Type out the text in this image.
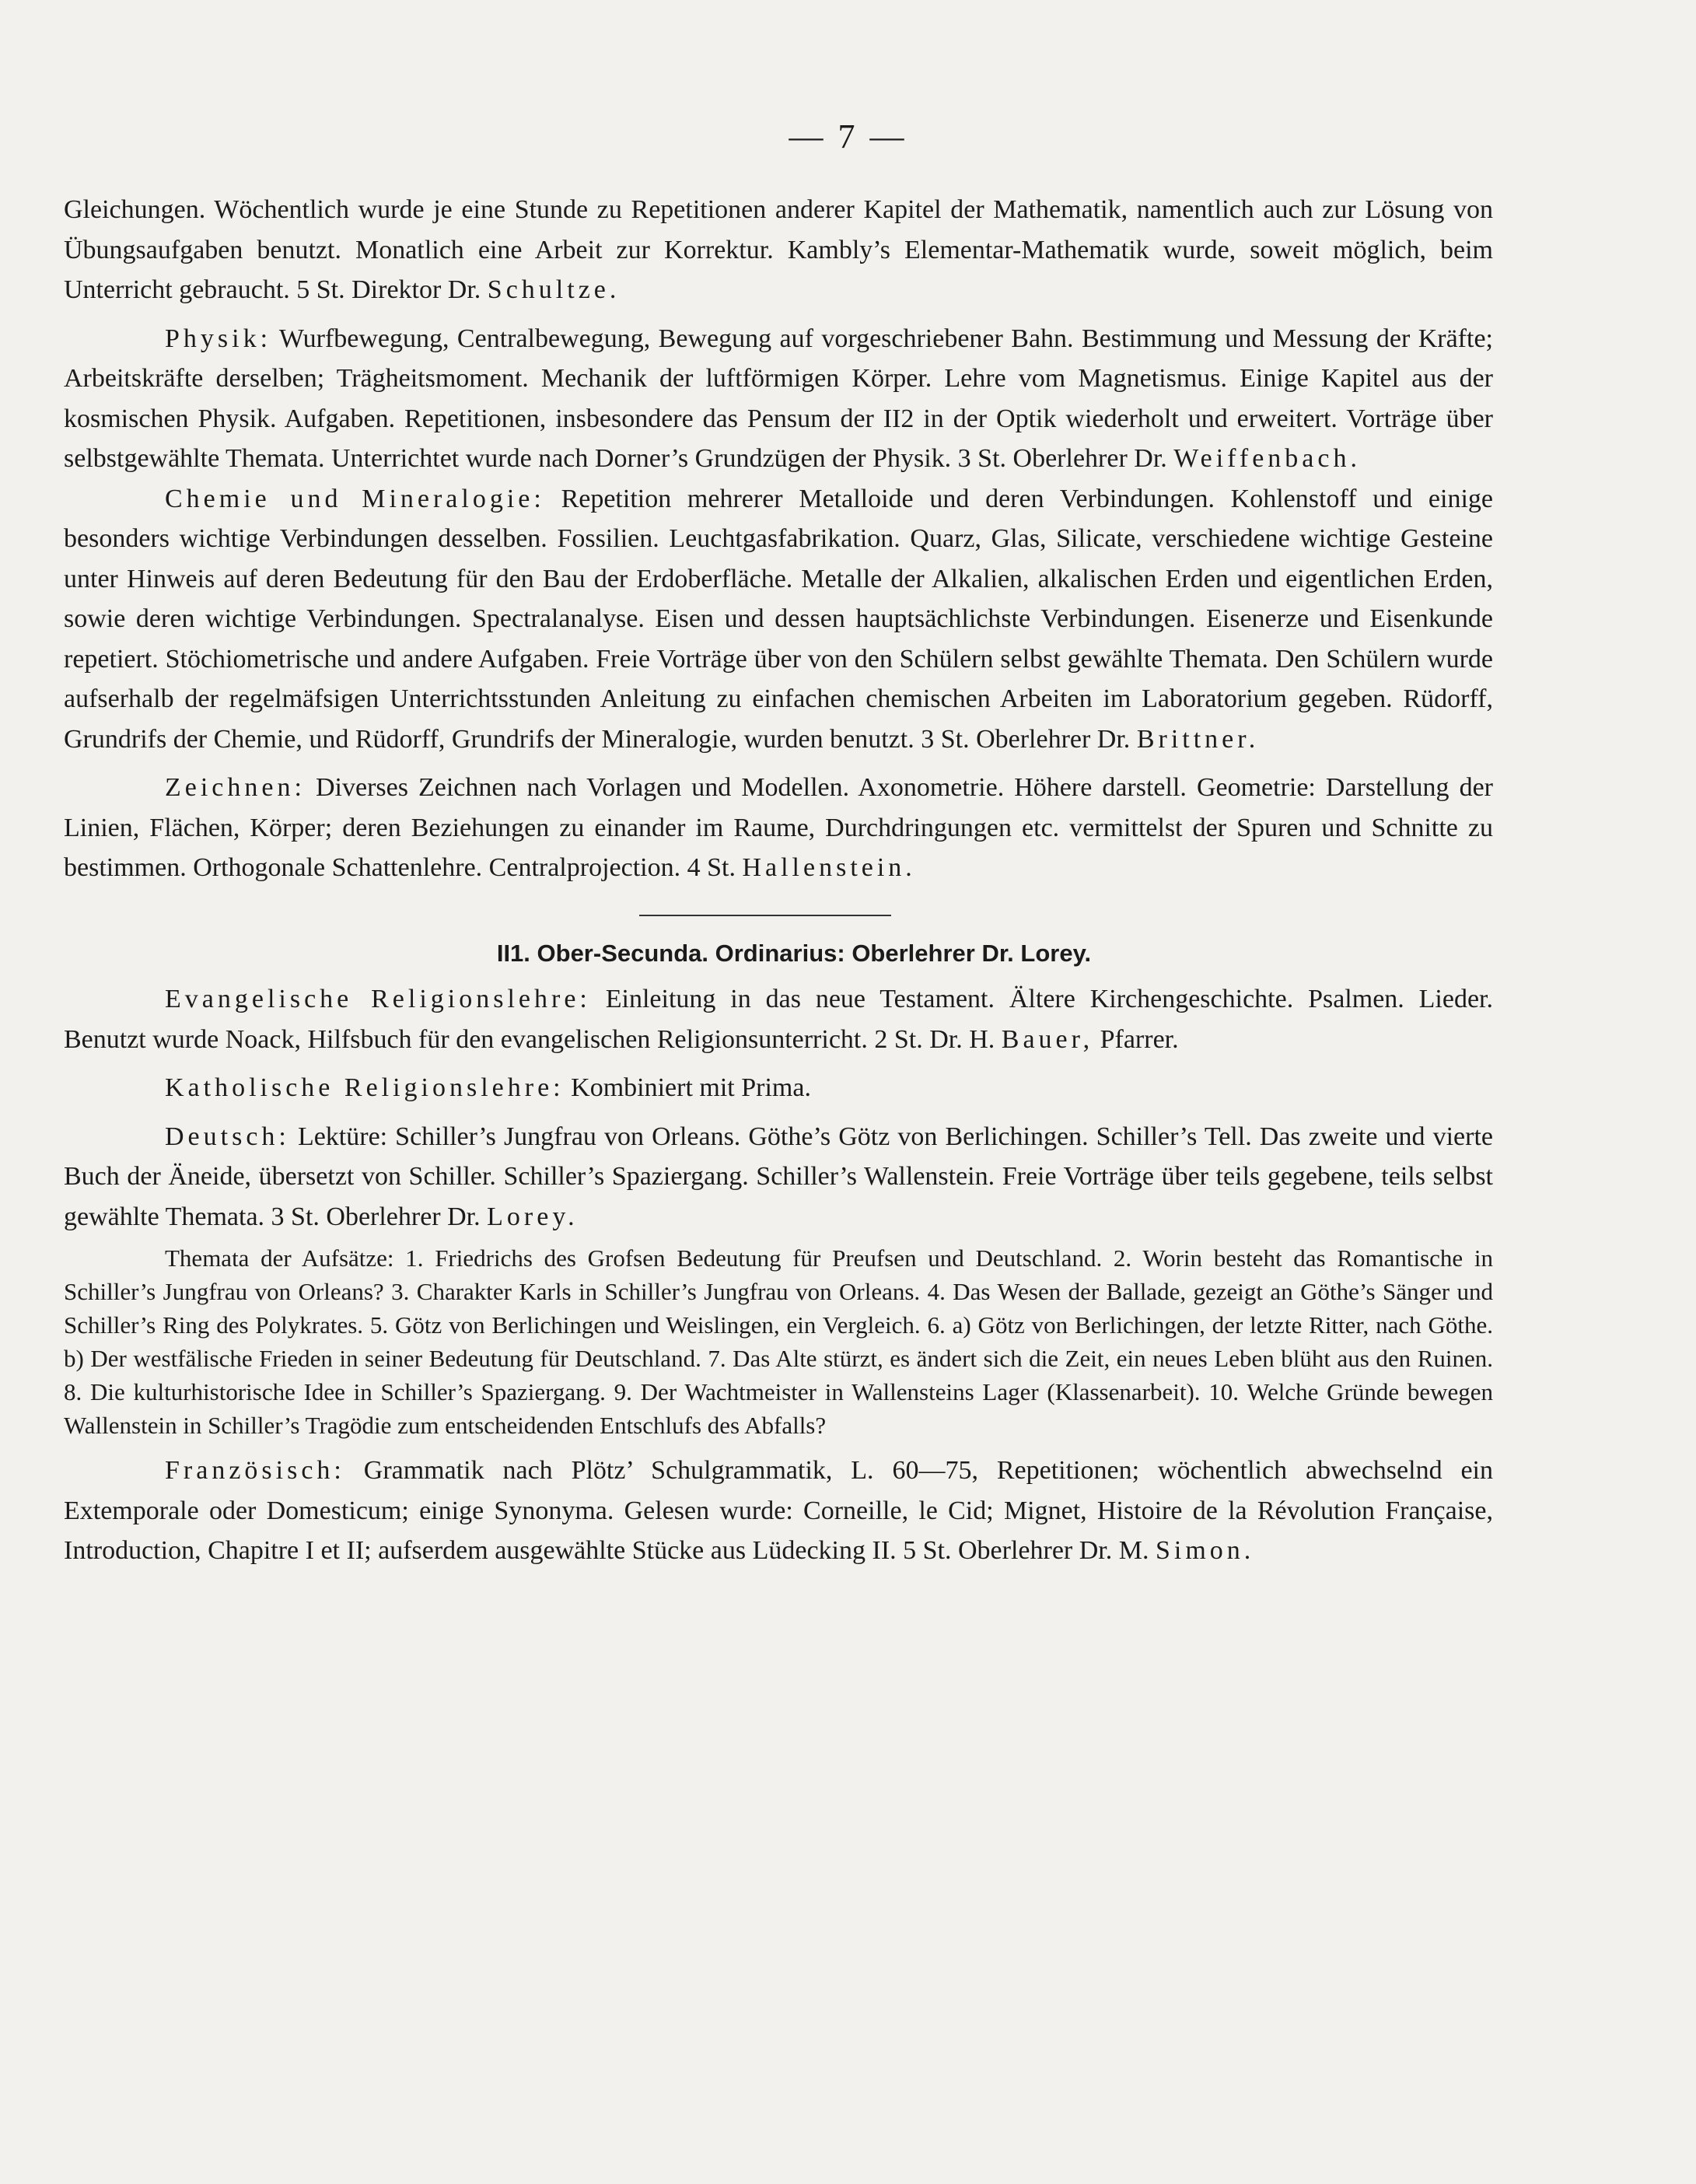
— 7 —

Gleichungen. Wöchentlich wurde je eine Stunde zu Repetitionen anderer Kapitel der Mathematik, namentlich auch zur Lösung von Übungsaufgaben benutzt. Monatlich eine Arbeit zur Korrektur. Kambly’s Elementar-Mathematik wurde, soweit möglich, beim Unterricht gebraucht. 5 St. Direktor Dr. Schultze.

Physik: Wurfbewegung, Centralbewegung, Bewegung auf vorgeschriebener Bahn. Bestimmung und Messung der Kräfte; Arbeitskräfte derselben; Trägheitsmoment. Mechanik der luftförmigen Körper. Lehre vom Magnetismus. Einige Kapitel aus der kosmischen Physik. Aufgaben. Repetitionen, insbesondere das Pensum der II2 in der Optik wiederholt und erweitert. Vorträge über selbstgewählte Themata. Unterrichtet wurde nach Dorner’s Grundzügen der Physik. 3 St. Oberlehrer Dr. Weiffenbach.

Chemie und Mineralogie: Repetition mehrerer Metalloide und deren Verbindungen. Kohlenstoff und einige besonders wichtige Verbindungen desselben. Fossilien. Leuchtgasfabrikation. Quarz, Glas, Silicate, verschiedene wichtige Gesteine unter Hinweis auf deren Bedeutung für den Bau der Erdoberfläche. Metalle der Alkalien, alkalischen Erden und eigentlichen Erden, sowie deren wichtige Verbindungen. Spectralanalyse. Eisen und dessen hauptsächlichste Verbindungen. Eisenerze und Eisenkunde repetiert. Stöchiometrische und andere Aufgaben. Freie Vorträge über von den Schülern selbst gewählte Themata. Den Schülern wurde aufserhalb der regelmäfsigen Unterrichtsstunden Anleitung zu einfachen chemischen Arbeiten im Laboratorium gegeben. Rüdorff, Grundrifs der Chemie, und Rüdorff, Grundrifs der Mineralogie, wurden benutzt. 3 St. Oberlehrer Dr. Brittner.

Zeichnen: Diverses Zeichnen nach Vorlagen und Modellen. Axonometrie. Höhere darstell. Geometrie: Darstellung der Linien, Flächen, Körper; deren Beziehungen zu einander im Raume, Durchdringungen etc. vermittelst der Spuren und Schnitte zu bestimmen. Orthogonale Schattenlehre. Centralprojection. 4 St. Hallenstein.

II1. Ober-Secunda. Ordinarius: Oberlehrer Dr. Lorey.

Evangelische Religionslehre: Einleitung in das neue Testament. Ältere Kirchengeschichte. Psalmen. Lieder. Benutzt wurde Noack, Hilfsbuch für den evangelischen Religionsunterricht. 2 St. Dr. H. Bauer, Pfarrer.

Katholische Religionslehre: Kombiniert mit Prima.

Deutsch: Lektüre: Schiller’s Jungfrau von Orleans. Göthe’s Götz von Berlichingen. Schiller’s Tell. Das zweite und vierte Buch der Äneide, übersetzt von Schiller. Schiller’s Spaziergang. Schiller’s Wallenstein. Freie Vorträge über teils gegebene, teils selbst gewählte Themata. 3 St. Oberlehrer Dr. Lorey.

Themata der Aufsätze: 1. Friedrichs des Grofsen Bedeutung für Preufsen und Deutschland. 2. Worin besteht das Romantische in Schiller’s Jungfrau von Orleans? 3. Charakter Karls in Schiller’s Jungfrau von Orleans. 4. Das Wesen der Ballade, gezeigt an Göthe’s Sänger und Schiller’s Ring des Polykrates. 5. Götz von Berlichingen und Weislingen, ein Vergleich. 6. a) Götz von Berlichingen, der letzte Ritter, nach Göthe. b) Der westfälische Frieden in seiner Bedeutung für Deutschland. 7. Das Alte stürzt, es ändert sich die Zeit, ein neues Leben blüht aus den Ruinen. 8. Die kulturhistorische Idee in Schiller’s Spaziergang. 9. Der Wachtmeister in Wallensteins Lager (Klassenarbeit). 10. Welche Gründe bewegen Wallenstein in Schiller’s Tragödie zum entscheidenden Entschlufs des Abfalls?

Französisch: Grammatik nach Plötz’ Schulgrammatik, L. 60—75, Repetitionen; wöchentlich abwechselnd ein Extemporale oder Domesticum; einige Synonyma. Gelesen wurde: Corneille, le Cid; Mignet, Histoire de la Révolution Française, Introduction, Chapitre I et II; aufserdem ausgewählte Stücke aus Lüdecking II. 5 St. Oberlehrer Dr. M. Simon.
